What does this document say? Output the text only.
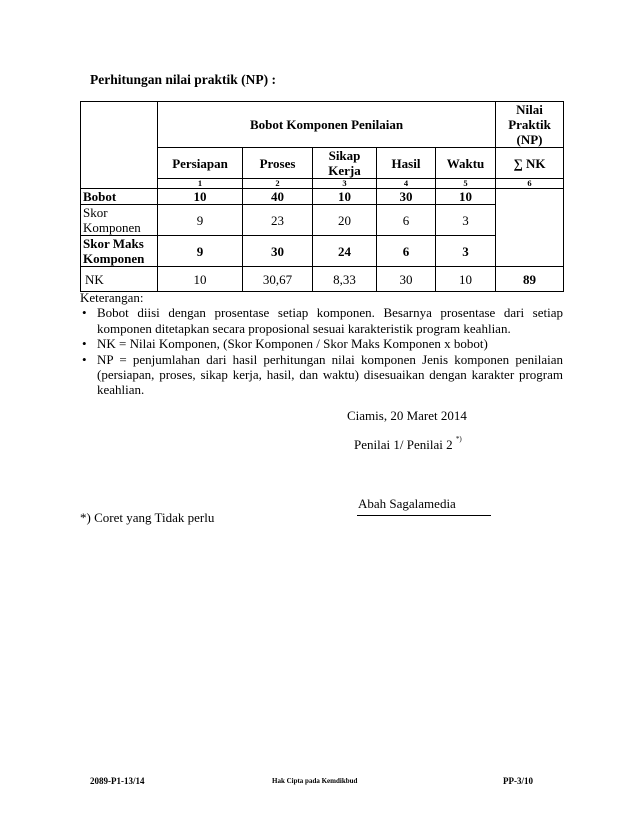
Perhitungan nilai praktik (NP) :
	Bobot Komponen Penilaian					Nilai Praktik (NP)
	Persiapan	Proses	Sikap Kerja	Hasil	Waktu	∑ NK
	1	2	3	4	5	6
Bobot	10	40	10	30	10	
Skor Komponen	9	23	20	6	3	
Skor Maks Komponen	9	30	24	6	3	
NK	10	30,67	8,33	30	10	89
Keterangan:
• Bobot diisi dengan prosentase setiap komponen. Besarnya prosentase dari setiap komponen ditetapkan secara proposional sesuai karakteristik program keahlian.
• NK = Nilai Komponen, (Skor Komponen / Skor Maks Komponen x bobot)
• NP = penjumlahan dari hasil perhitungan nilai komponen Jenis komponen penilaian (persiapan, proses, sikap kerja, hasil, dan waktu) disesuaikan dengan karakter program keahlian.
Ciamis, 20 Maret 2014
Penilai 1/ Penilai 2 *)
Abah Sagalamedia
*) Coret yang Tidak perlu
2089-P1-13/14	Hak Cipta pada Kemdikbud	PP-3/10
